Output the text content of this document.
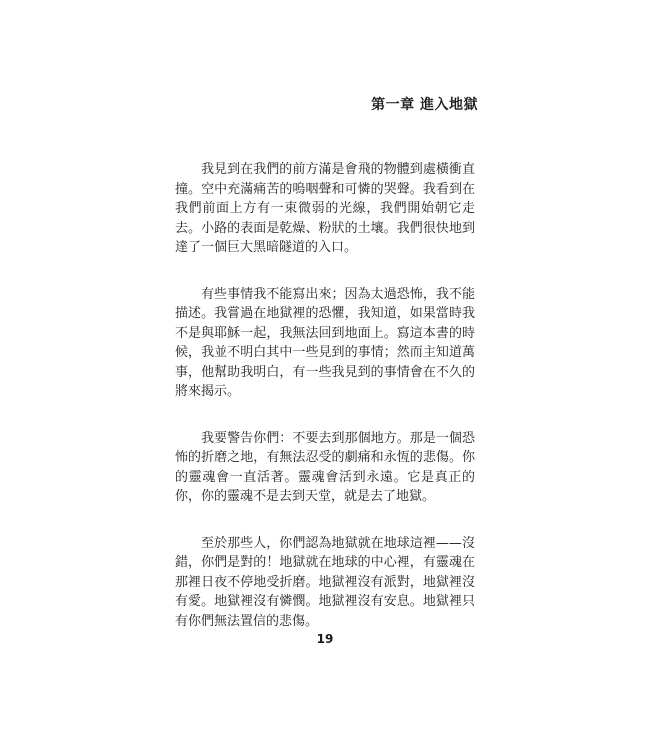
第一章 進入地獄

我見到在我們的前方滿是會飛的物體到處橫衝直撞。空中充滿痛苦的嗚咽聲和可憐的哭聲。我看到在我們前面上方有一束微弱的光線，我們開始朝它走去。小路的表面是乾燥、粉狀的土壤。我們很快地到達了一個巨大黑暗隧道的入口。

有些事情我不能寫出來；因為太過恐怖，我不能描述。我嘗過在地獄裡的恐懼，我知道，如果當時我不是與耶穌一起，我無法回到地面上。寫這本書的時候，我並不明白其中一些見到的事情；然而主知道萬事，他幫助我明白，有一些我見到的事情會在不久的將來揭示。

我要警告你們：不要去到那個地方。那是一個恐怖的折磨之地，有無法忍受的劇痛和永恆的悲傷。你的靈魂會一直活著。靈魂會活到永遠。它是真正的你，你的靈魂不是去到天堂，就是去了地獄。

至於那些人，你們認為地獄就在地球這裡——沒錯，你們是對的！地獄就在地球的中心裡，有靈魂在那裡日夜不停地受折磨。地獄裡沒有派對，地獄裡沒有愛。地獄裡沒有憐憫。地獄裡沒有安息。地獄裡只有你們無法置信的悲傷。

19
